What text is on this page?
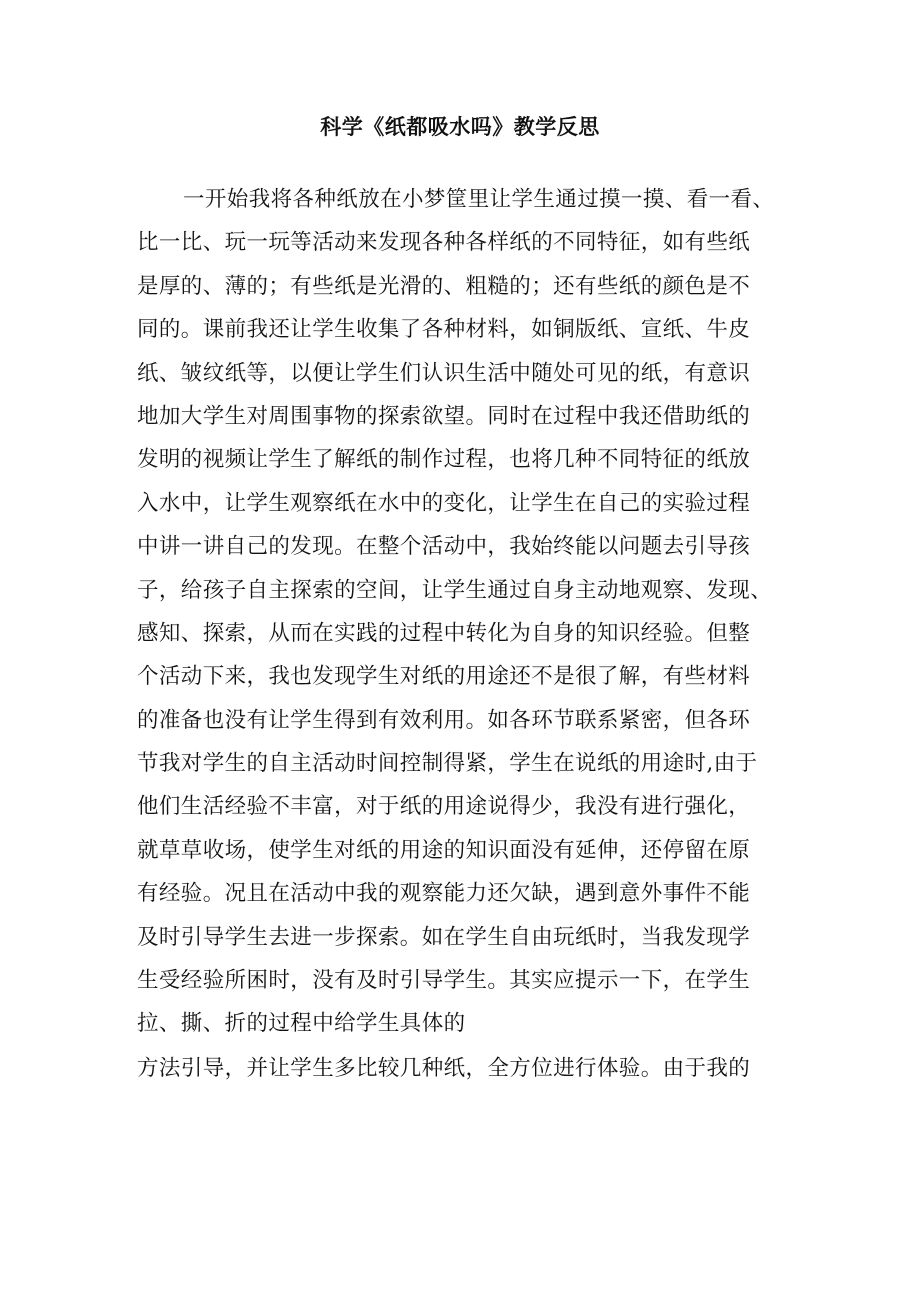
科学《纸都吸水吗》教学反思
一开始我将各种纸放在小梦筐里让学生通过摸一摸、看一看、
比一比、玩一玩等活动来发现各种各样纸的不同特征，如有些纸
是厚的、薄的；有些纸是光滑的、粗糙的；还有些纸的颜色是不
同的。课前我还让学生收集了各种材料，如铜版纸、宣纸、牛皮
纸、皱纹纸等，以便让学生们认识生活中随处可见的纸，有意识
地加大学生对周围事物的探索欲望。同时在过程中我还借助纸的
发明的视频让学生了解纸的制作过程，也将几种不同特征的纸放
入水中，让学生观察纸在水中的变化，让学生在自己的实验过程
中讲一讲自己的发现。在整个活动中，我始终能以问题去引导孩
子，给孩子自主探索的空间，让学生通过自身主动地观察、发现、
感知、探索，从而在实践的过程中转化为自身的知识经验。但整
个活动下来，我也发现学生对纸的用途还不是很了解，有些材料
的准备也没有让学生得到有效利用。如各环节联系紧密，但各环
节我对学生的自主活动时间控制得紧，学生在说纸的用途时,由于
他们生活经验不丰富，对于纸的用途说得少，我没有进行强化，
就草草收场，使学生对纸的用途的知识面没有延伸，还停留在原
有经验。况且在活动中我的观察能力还欠缺，遇到意外事件不能
及时引导学生去进一步探索。如在学生自由玩纸时，当我发现学
生受经验所困时，没有及时引导学生。其实应提示一下，在学生
拉、撕、折的过程中给学生具体的
方法引导，并让学生多比较几种纸，全方位进行体验。由于我的
